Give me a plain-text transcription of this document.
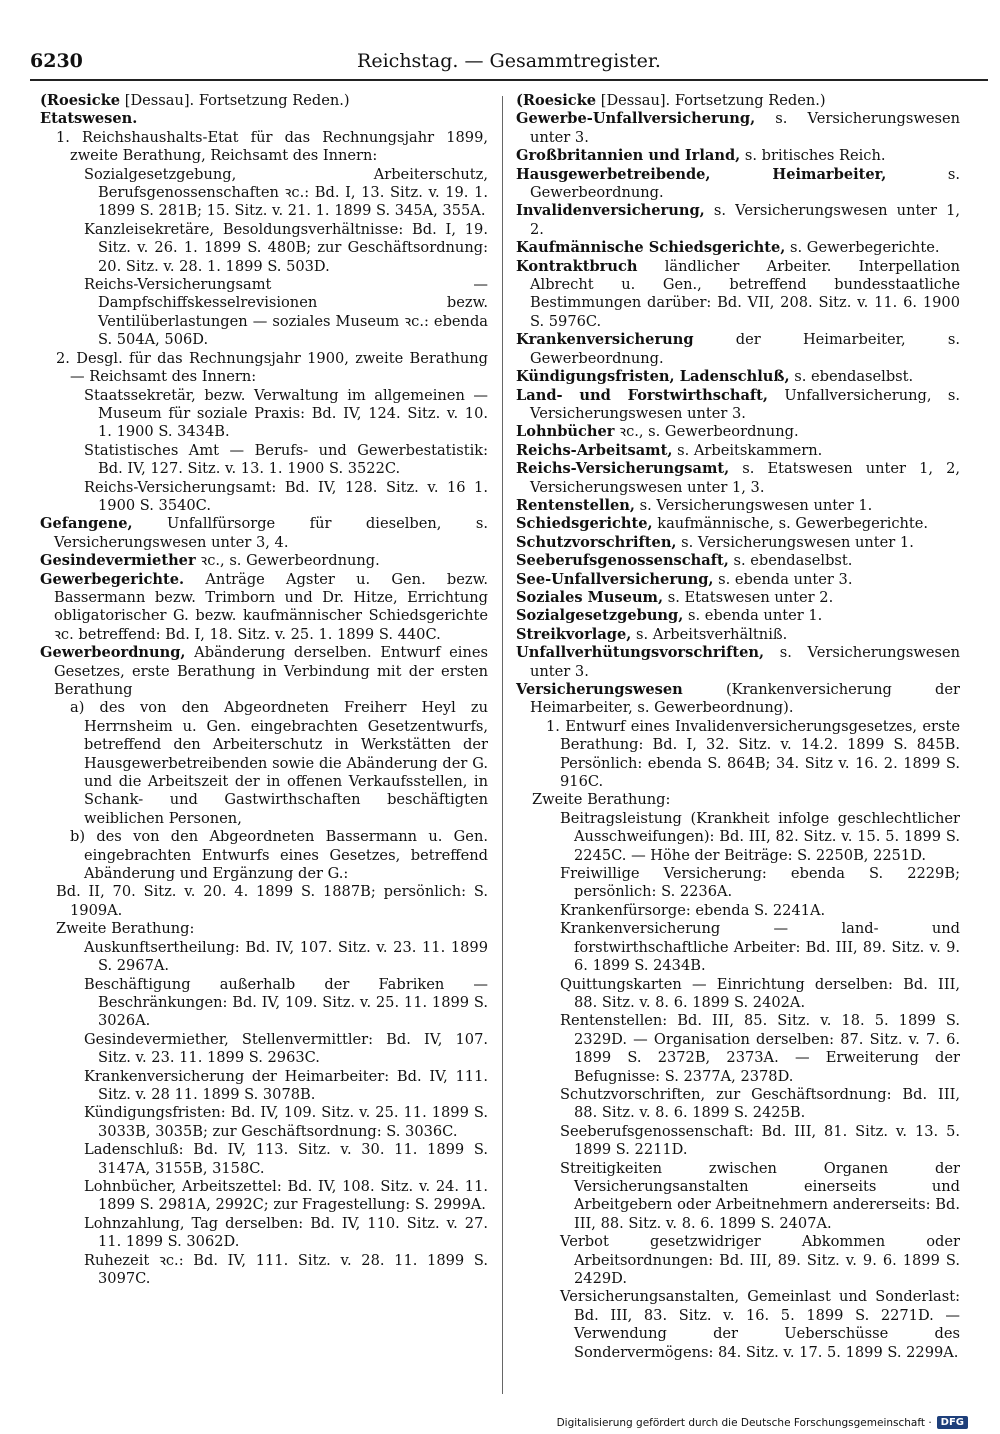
6230	Reichstag. — Gesammtregister.

(Roesicke [Dessau]. Fortsetzung Reden.)

Etatswesen.

1. Reichshaushalts-Etat für das Rechnungsjahr 1899, zweite Berathung, Reichsamt des Innern:

Sozialgesetzgebung, Arbeiterschutz, Berufsgenossenschaften ꝛc.: Bd. I, 13. Sitz. v. 19. 1. 1899 S. 281B; 15. Sitz. v. 21. 1. 1899 S. 345A, 355A.

Kanzleisekretäre, Besoldungsverhältnisse: Bd. I, 19. Sitz. v. 26. 1. 1899 S. 480B; zur Geschäftsordnung: 20. Sitz. v. 28. 1. 1899 S. 503D.

Reichs-Versicherungsamt — Dampfschiffskesselrevisionen bezw. Ventilüberlastungen — soziales Museum ꝛc.: ebenda S. 504A, 506D.

2. Desgl. für das Rechnungsjahr 1900, zweite Berathung — Reichsamt des Innern:

Staatssekretär, bezw. Verwaltung im allgemeinen — Museum für soziale Praxis: Bd. IV, 124. Sitz. v. 10. 1. 1900 S. 3434B.

Statistisches Amt — Berufs- und Gewerbestatistik: Bd. IV, 127. Sitz. v. 13. 1. 1900 S. 3522C.

Reichs-Versicherungsamt: Bd. IV, 128. Sitz. v. 16 1. 1900 S. 3540C.

Gefangene, Unfallfürsorge für dieselben, s. Versicherungswesen unter 3, 4.

Gesindevermiether ꝛc., s. Gewerbeordnung.

Gewerbegerichte. Anträge Agster u. Gen. bezw. Bassermann bezw. Trimborn und Dr. Hitze, Errichtung obligatorischer G. bezw. kaufmännischer Schiedsgerichte ꝛc. betreffend: Bd. I, 18. Sitz. v. 25. 1. 1899 S. 440C.

Gewerbeordnung, Abänderung derselben. Entwurf eines Gesetzes, erste Berathung in Verbindung mit der ersten Berathung

a) des von den Abgeordneten Freiherr Heyl zu Herrnsheim u. Gen. eingebrachten Gesetzentwurfs, betreffend den Arbeiterschutz in Werkstätten der Hausgewerbetreibenden sowie die Abänderung der G. und die Arbeitszeit der in offenen Verkaufsstellen, in Schank- und Gastwirthschaften beschäftigten weiblichen Personen,

b) des von den Abgeordneten Bassermann u. Gen. eingebrachten Entwurfs eines Gesetzes, betreffend Abänderung und Ergänzung der G.:

Bd. II, 70. Sitz. v. 20. 4. 1899 S. 1887B; persönlich: S. 1909A.

Zweite Berathung:

Auskunftsertheilung: Bd. IV, 107. Sitz. v. 23. 11. 1899 S. 2967A.

Beschäftigung außerhalb der Fabriken — Beschränkungen: Bd. IV, 109. Sitz. v. 25. 11. 1899 S. 3026A.

Gesindevermiether, Stellenvermittler: Bd. IV, 107. Sitz. v. 23. 11. 1899 S. 2963C.

Krankenversicherung der Heimarbeiter: Bd. IV, 111. Sitz. v. 28 11. 1899 S. 3078B.

Kündigungsfristen: Bd. IV, 109. Sitz. v. 25. 11. 1899 S. 3033B, 3035B; zur Geschäftsordnung: S. 3036C.

Ladenschluß: Bd. IV, 113. Sitz. v. 30. 11. 1899 S. 3147A, 3155B, 3158C.

Lohnbücher, Arbeitszettel: Bd. IV, 108. Sitz. v. 24. 11. 1899 S. 2981A, 2992C; zur Fragestellung: S. 2999A.

Lohnzahlung, Tag derselben: Bd. IV, 110. Sitz. v. 27. 11. 1899 S. 3062D.

Ruhezeit ꝛc.: Bd. IV, 111. Sitz. v. 28. 11. 1899 S. 3097C.

(Roesicke [Dessau]. Fortsetzung Reden.)

Gewerbe-Unfallversicherung, s. Versicherungswesen unter 3.

Großbritannien und Irland, s. britisches Reich.

Hausgewerbetreibende, Heimarbeiter, s. Gewerbeordnung.

Invalidenversicherung, s. Versicherungswesen unter 1, 2.

Kaufmännische Schiedsgerichte, s. Gewerbegerichte.

Kontraktbruch ländlicher Arbeiter. Interpellation Albrecht u. Gen., betreffend bundesstaatliche Bestimmungen darüber: Bd. VII, 208. Sitz. v. 11. 6. 1900 S. 5976C.

Krankenversicherung der Heimarbeiter, s. Gewerbeordnung.

Kündigungsfristen, Ladenschluß, s. ebendaselbst.

Land- und Forstwirthschaft, Unfallversicherung, s. Versicherungswesen unter 3.

Lohnbücher ꝛc., s. Gewerbeordnung.

Reichs-Arbeitsamt, s. Arbeitskammern.

Reichs-Versicherungsamt, s. Etatswesen unter 1, 2, Versicherungswesen unter 1, 3.

Rentenstellen, s. Versicherungswesen unter 1.

Schiedsgerichte, kaufmännische, s. Gewerbegerichte.

Schutzvorschriften, s. Versicherungswesen unter 1.

Seeberufsgenossenschaft, s. ebendaselbst.

See-Unfallversicherung, s. ebenda unter 3.

Soziales Museum, s. Etatswesen unter 2.

Sozialgesetzgebung, s. ebenda unter 1.

Streikvorlage, s. Arbeitsverhältniß.

Unfallverhütungsvorschriften, s. Versicherungswesen unter 3.

Versicherungswesen (Krankenversicherung der Heimarbeiter, s. Gewerbeordnung).

1. Entwurf eines Invalidenversicherungsgesetzes, erste Berathung: Bd. I, 32. Sitz. v. 14.2. 1899 S. 845B. Persönlich: ebenda S. 864B; 34. Sitz v. 16. 2. 1899 S. 916C.

Zweite Berathung:

Beitragsleistung (Krankheit infolge geschlechtlicher Ausschweifungen): Bd. III, 82. Sitz. v. 15. 5. 1899 S. 2245C. — Höhe der Beiträge: S. 2250B, 2251D.

Freiwillige Versicherung: ebenda S. 2229B; persönlich: S. 2236A.

Krankenfürsorge: ebenda S. 2241A.

Krankenversicherung — land- und forstwirthschaftliche Arbeiter: Bd. III, 89. Sitz. v. 9. 6. 1899 S. 2434B.

Quittungskarten — Einrichtung derselben: Bd. III, 88. Sitz. v. 8. 6. 1899 S. 2402A.

Rentenstellen: Bd. III, 85. Sitz. v. 18. 5. 1899 S. 2329D. — Organisation derselben: 87. Sitz. v. 7. 6. 1899 S. 2372B, 2373A. — Erweiterung der Befugnisse: S. 2377A, 2378D.

Schutzvorschriften, zur Geschäftsordnung: Bd. III, 88. Sitz. v. 8. 6. 1899 S. 2425B.

Seeberufsgenossenschaft: Bd. III, 81. Sitz. v. 13. 5. 1899 S. 2211D.

Streitigkeiten zwischen Organen der Versicherungsanstalten einerseits und Arbeitgebern oder Arbeitnehmern andererseits: Bd. III, 88. Sitz. v. 8. 6. 1899 S. 2407A.

Verbot gesetzwidriger Abkommen oder Arbeitsordnungen: Bd. III, 89. Sitz. v. 9. 6. 1899 S. 2429D.

Versicherungsanstalten, Gemeinlast und Sonderlast: Bd. III, 83. Sitz. v. 16. 5. 1899 S. 2271D. — Verwendung der Ueberschüsse des Sondervermögens: 84. Sitz. v. 17. 5. 1899 S. 2299A.

Digitalisierung gefördert durch die Deutsche Forschungsgemeinschaft · DFG
